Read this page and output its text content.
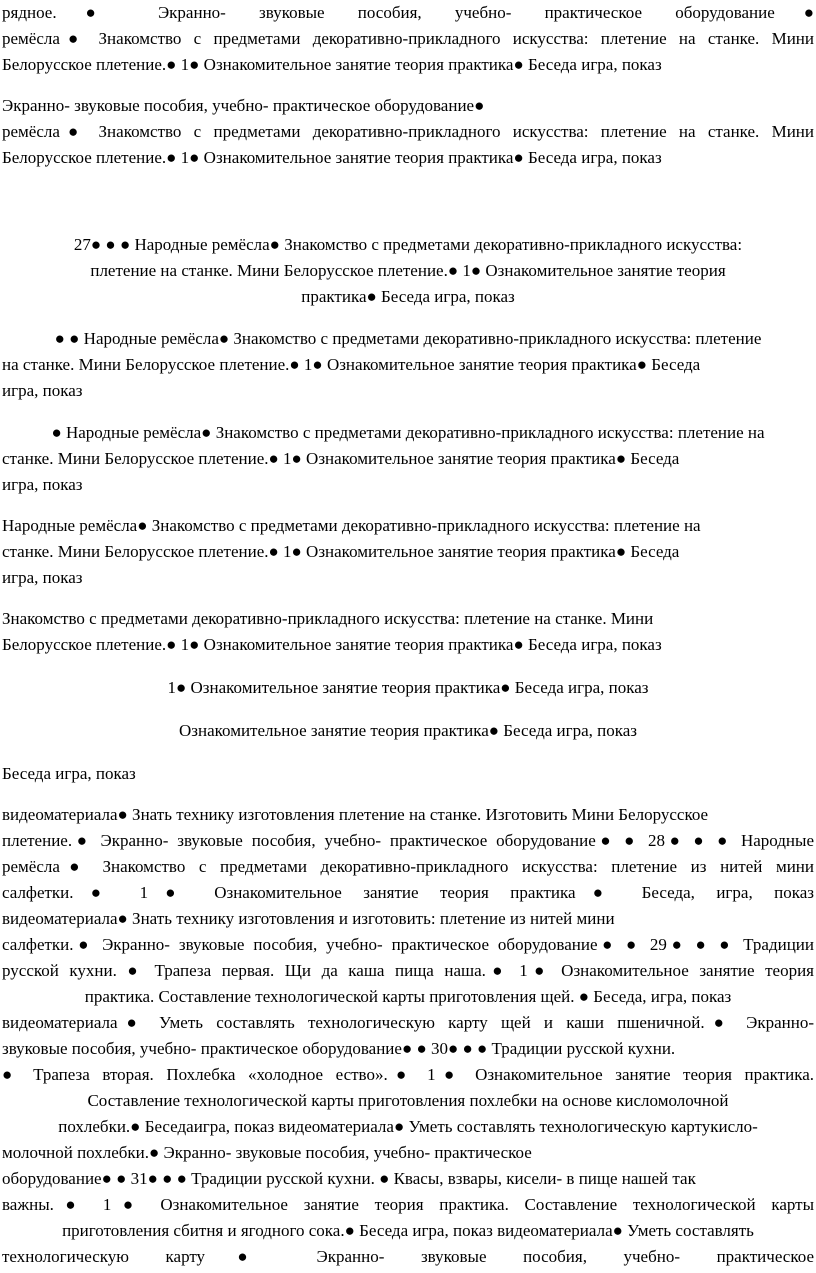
рядное.● Экранно- звуковые пособия, учебно- практическое оборудование●
ремёсла● Знакомство с предметами декоративно-прикладного искусства: плетение на станке. Мини
Белорусское плетение.● 1● Ознакомительное занятие теория практика● Беседа игра, показ
Экранно- звуковые пособия, учебно- практическое оборудование●
ремёсла● Знакомство с предметами декоративно-прикладного искусства: плетение на станке. Мини
Белорусское плетение.● 1● Ознакомительное занятие теория практика● Беседа игра, показ
27● ● ● Народные ремёсла● Знакомство с предметами декоративно-прикладного искусства:
плетение на станке. Мини Белорусское плетение.● 1● Ознакомительное занятие теория
практика● Беседа игра, показ
● ● Народные ремёсла● Знакомство с предметами декоративно-прикладного искусства: плетение
на станке. Мини Белорусское плетение.● 1● Ознакомительное занятие теория практика● Беседа
игра, показ
● Народные ремёсла● Знакомство с предметами декоративно-прикладного искусства: плетение на
станке. Мини Белорусское плетение.● 1● Ознакомительное занятие теория практика● Беседа
игра, показ
Народные ремёсла● Знакомство с предметами декоративно-прикладного искусства: плетение на
станке. Мини Белорусское плетение.● 1● Ознакомительное занятие теория практика● Беседа
игра, показ
Знакомство с предметами декоративно-прикладного искусства: плетение на станке. Мини
Белорусское плетение.● 1● Ознакомительное занятие теория практика● Беседа игра, показ
1● Ознакомительное занятие теория практика● Беседа игра, показ
Ознакомительное занятие теория практика● Беседа игра, показ
Беседа игра, показ
видеоматериала● Знать технику изготовления плетение на станке. Изготовить Мини Белорусское
плетение.● Экранно- звуковые пособия, учебно- практическое оборудование● ● 28● ● ● Народные
ремёсла● Знакомство с предметами декоративно-прикладного искусства: плетение из нитей мини
салфетки.● 1● Ознакомительное занятие теория практика● Беседа, игра, показ
видеоматериала● Знать технику изготовления и изготовить: плетение из нитей мини
салфетки.● Экранно- звуковые пособия, учебно- практическое оборудование● ● 29● ● ● Традиции
русской кухни. ● Трапеза первая. Щи да каша пища наша.● 1● Ознакомительное занятие теория
практика. Составление технологической карты приготовления щей. ● Беседа, игра, показ
видеоматериала● Уметь составлять технологическую карту щей и каши пшеничной.● Экранно-
звуковые пособия, учебно- практическое оборудование● ● 30● ● ● Традиции русской кухни.
● Трапеза вторая. Похлебка «холодное ество».● 1● Ознакомительное занятие теория практика.
Составление технологической карты приготовления похлебки на основе кисломолочной
похлебки.● Беседаигра, показ видеоматериала● Уметь составлять технологическую картукисло-
молочной похлебки.● Экранно- звуковые пособия, учебно- практическое
оборудование● ● 31● ● ● Традиции русской кухни. ● Квасы, взвары, кисели- в пище нашей так
важны.● 1● Ознакомительное занятие теория практика. Составление технологической карты
приготовления сбитня и ягодного сока.● Беседа игра, показ видеоматериала● Уметь составлять
технологическую карту● Экранно- звуковые пособия, учебно- практическое
